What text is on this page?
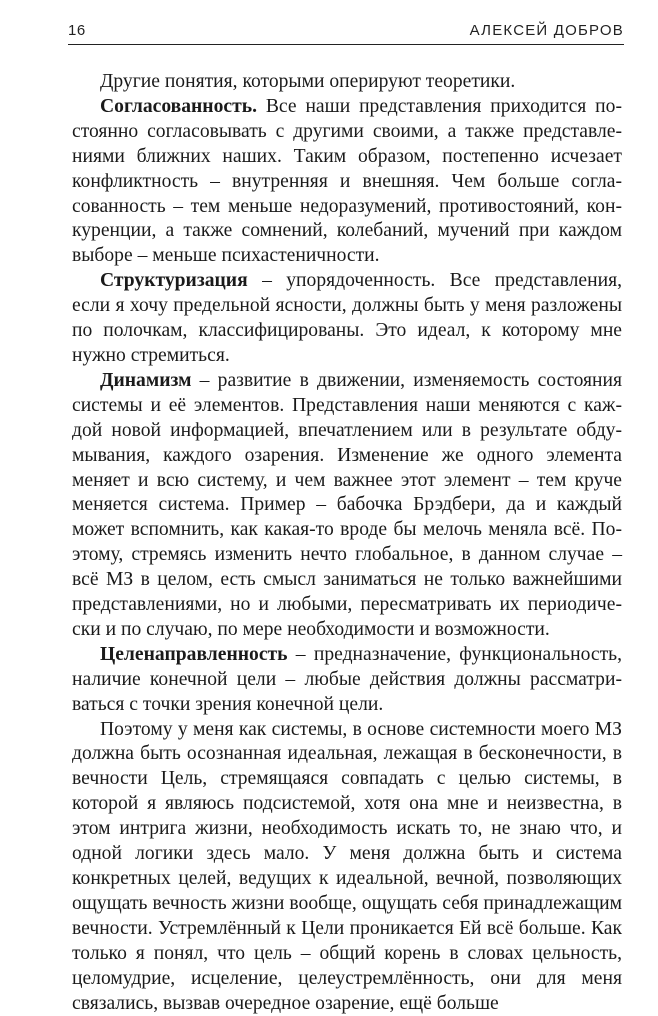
16	АЛЕКСЕЙ ДОБРОВ

Другие понятия, которыми оперируют теоретики.

Согласованность. Все наши представления приходится постоянно согласовывать с другими своими, а также представлениями ближних наших. Таким образом, постепенно исчезает конфликтность – внутренняя и внешняя. Чем больше согласованность – тем меньше недоразумений, противостояний, конкуренции, а также сомнений, колебаний, мучений при каждом выборе – меньше психастеничности.

Структуризация – упорядоченность. Все представления, если я хочу предельной ясности, должны быть у меня разложены по полочкам, классифицированы. Это идеал, к которому мне нужно стремиться.

Динамизм – развитие в движении, изменяемость состояния системы и её элементов. Представления наши меняются с каждой новой информацией, впечатлением или в результате обдумывания, каждого озарения. Изменение же одного элемента меняет и всю систему, и чем важнее этот элемент – тем круче меняется система. Пример – бабочка Брэдбери, да и каждый может вспомнить, как какая-то вроде бы мелочь меняла всё. Поэтому, стремясь изменить нечто глобальное, в данном случае – всё МЗ в целом, есть смысл заниматься не только важнейшими представлениями, но и любыми, пересматривать их периодически и по случаю, по мере необходимости и возможности.

Целенаправленность – предназначение, функциональность, наличие конечной цели – любые действия должны рассматриваться с точки зрения конечной цели.

Поэтому у меня как системы, в основе системности моего МЗ должна быть осознанная идеальная, лежащая в бесконечности, в вечности Цель, стремящаяся совпадать с целью системы, в которой я являюсь подсистемой, хотя она мне и неизвестна, в этом интрига жизни, необходимость искать то, не знаю что, и одной логики здесь мало. У меня должна быть и система конкретных целей, ведущих к идеальной, вечной, позволяющих ощущать вечность жизни вообще, ощущать себя принадлежащим вечности. Устремлённый к Цели проникается Ей всё больше. Как только я понял, что цель – общий корень в словах цельность, целомудрие, исцеление, целеустремлённость, они для меня связались, вызвав очередное озарение, ещё больше
